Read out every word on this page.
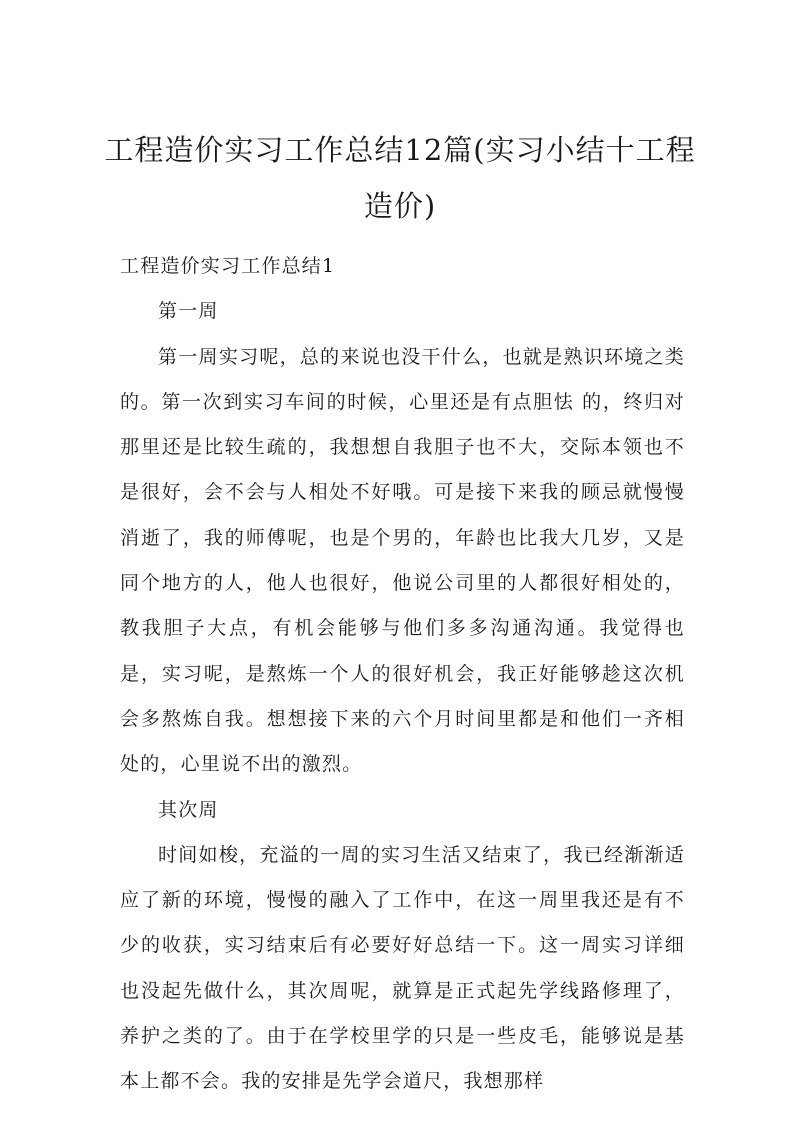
工程造价实习工作总结12篇(实习小结十工程造价)

工程造价实习工作总结1

第一周

第一周实习呢，总的来说也没干什么，也就是熟识环境之类的。第一次到实习车间的时候，心里还是有点胆怯 的，终归对那里还是比较生疏的，我想想自我胆子也不大，交际本领也不是很好，会不会与人相处不好哦。可是接下来我的顾忌就慢慢消逝了，我的师傅呢，也是个男的，年龄也比我大几岁，又是同个地方的人，他人也很好，他说公司里的人都很好相处的，教我胆子大点，有机会能够与他们多多沟通沟通。我觉得也是，实习呢，是熬炼一个人的很好机会，我正好能够趁这次机会多熬炼自我。想想接下来的六个月时间里都是和他们一齐相处的，心里说不出的激烈。

其次周

时间如梭，充溢的一周的实习生活又结束了，我已经渐渐适应了新的环境，慢慢的融入了工作中，在这一周里我还是有不少的收获，实习结束后有必要好好总结一下。这一周实习详细也没起先做什么，其次周呢，就算是正式起先学线路修理了，养护之类的了。由于在学校里学的只是一些皮毛，能够说是基本上都不会。我的安排是先学会道尺，我想那样
